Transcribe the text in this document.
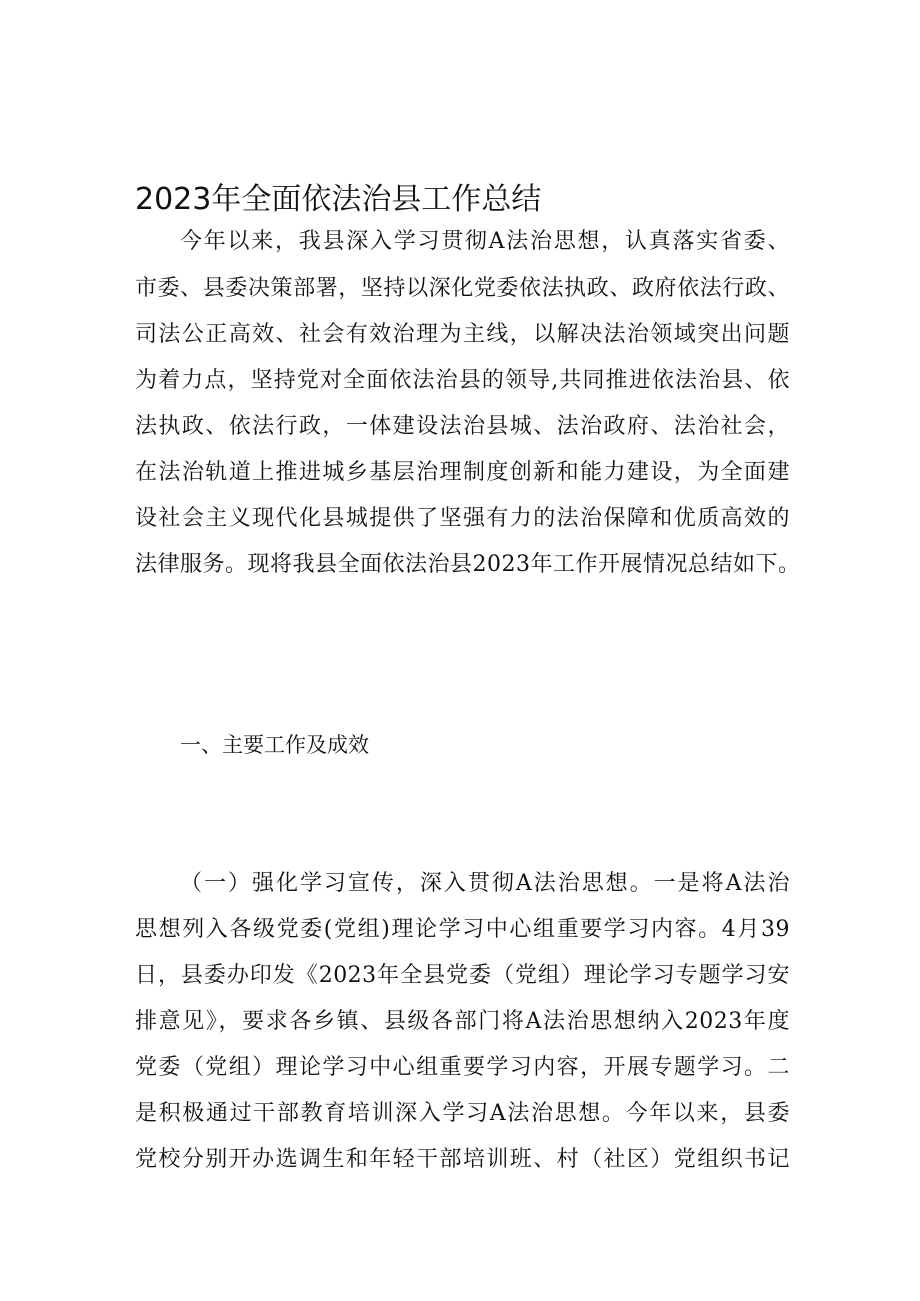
2023年全面依法治县工作总结
今年以来，我县深入学习贯彻A法治思想，认真落实省委、
市委、县委决策部署，坚持以深化党委依法执政、政府依法行政、
司法公正高效、社会有效治理为主线，以解决法治领域突出问题
为着力点，坚持党对全面依法治县的领导,共同推进依法治县、依
法执政、依法行政，一体建设法治县城、法治政府、法治社会，
在法治轨道上推进城乡基层治理制度创新和能力建设，为全面建
设社会主义现代化县城提供了坚强有力的法治保障和优质高效的
法律服务。现将我县全面依法治县2023年工作开展情况总结如下。
一、主要工作及成效
（一）强化学习宣传，深入贯彻A法治思想。一是将A法治
思想列入各级党委(党组)理论学习中心组重要学习内容。4月39
日，县委办印发《2023年全县党委（党组）理论学习专题学习安
排意见》，要求各乡镇、县级各部门将A法治思想纳入2023年度
党委（党组）理论学习中心组重要学习内容，开展专题学习。二
是积极通过干部教育培训深入学习A法治思想。今年以来，县委
党校分别开办选调生和年轻干部培训班、村（社区）党组织书记
